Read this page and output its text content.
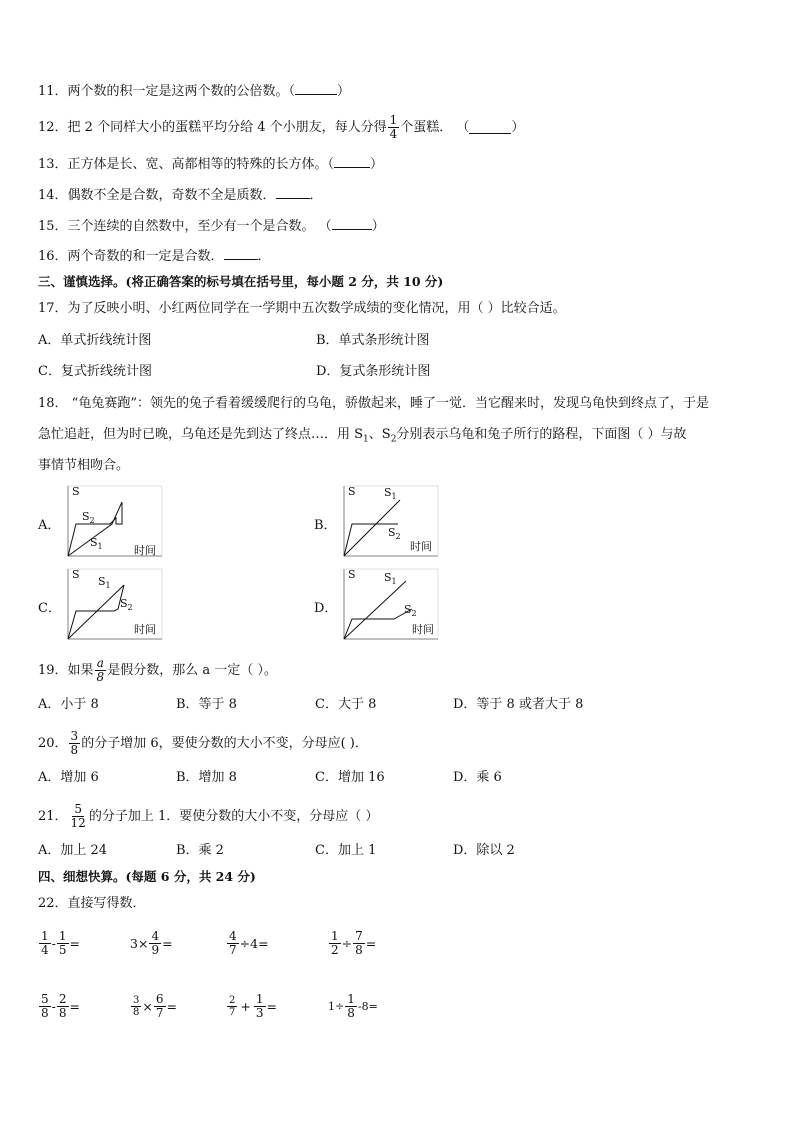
11．两个数的积一定是这两个数的公倍数。（	）
12．把 2 个同样大小的蛋糕平均分给 4 个小朋友，每人分得 $\frac{1}{4}$ 个蛋糕． （	）
13．正方体是长、宽、高都相等的特殊的长方体。（	）
14．偶数不全是合数，奇数不全是质数．	．
15．三个连续的自然数中，至少有一个是合数。 （	）
16．两个奇数的和一定是合数．	．
三、谨慎选择。(将正确答案的标号填在括号里，每小题 2 分，共 10 分)
17．为了反映小明、小红两位同学在一学期中五次数学成绩的变化情况，用（ ）比较合适。
A．单式折线统计图	B．单式条形统计图
C．复式折线统计图	D．复式条形统计图
18． “龟兔赛跑”：领先的兔子看着缓缓爬行的乌龟，骄傲起来，睡了一觉．当它醒来时，发现乌龟快到终点了，于是
急忙追赶，但为时已晚，乌龟还是先到达了终点…．用 $S_1$、$S_2$分别表示乌龟和兔子所行的路程，下面图（ ）与故
事情节相吻合。
A．	B．
C．	D．
S
$S_2$
$S_1$	时间
S	$S_1$
$S_2$
时间
S
$S_1$
$S_2$
时间
S	$S_1$
$S_2$
时间
19．如果 $\frac{a}{8}$ 是假分数，那么 a 一定（ ）。
A．小于 8	B．等于 8	C．大于 8	D．等于 8 或者大于 8
20． $\frac{3}{8}$ 的分子增加 6，要使分数的大小不变，分母应( )．
A．增加 6	B．增加 8	C．增加 16	D．乘 6
21． $\frac{5}{12}$ 的分子加上 1．要使分数的大小不变，分母应（ ）
A．加上 24	B．乘 2	C．加上 1	D．除以 2
四、细想快算。(每题 6 分，共 24 分)
22．直接写得数．
$\frac{1}{4} - \frac{1}{5}$ =	$3\times \frac{4}{9}$ =	$\frac{4}{7} \div 4=$	$\frac{1}{2} \div \frac{7}{8}$ =
$\frac{5}{8} - \frac{2}{8}$ =	$\frac{3}{8} \times \frac{6}{7}$ =	$\frac{2}{7} + \frac{1}{3}$ =	$1\div \frac{1}{8} -8=$
